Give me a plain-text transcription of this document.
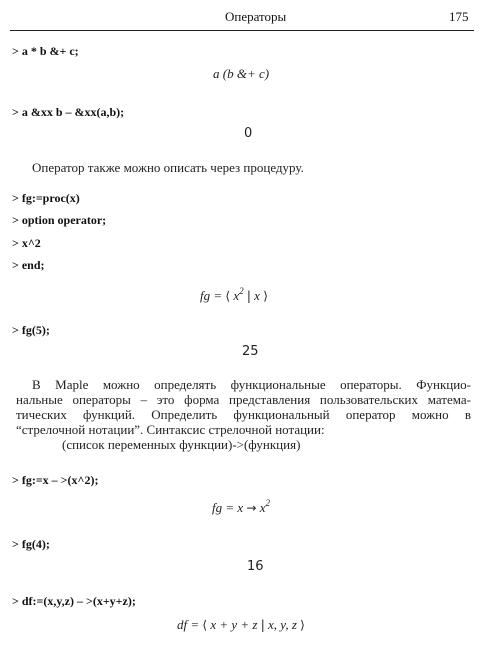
Операторы	175
> a * b &+ c;
a (b &+ c)
> a &xx b – &xx(a,b);
0
Оператор также можно описать через процедуру.
> fg:=proc(x)
> option operator;
> x^2
> end;
fg = ⟨ $x^2$ | x ⟩
> fg(5);
25
В Maple можно определять функциональные операторы. Функцио-
нальные операторы – это форма представления пользовательских матема-
тических функций. Определить функциональный оператор можно в
“стрелочной нотации”. Синтаксис стрелочной нотации:
(список переменных функции)->(функция)
> fg:=x – >(x^2);
fg = $x \to x^2$
> fg(4);
16
> df:=(x,y,z) – >(x+y+z);
df = ⟨ x + y + z | x, y, z ⟩
